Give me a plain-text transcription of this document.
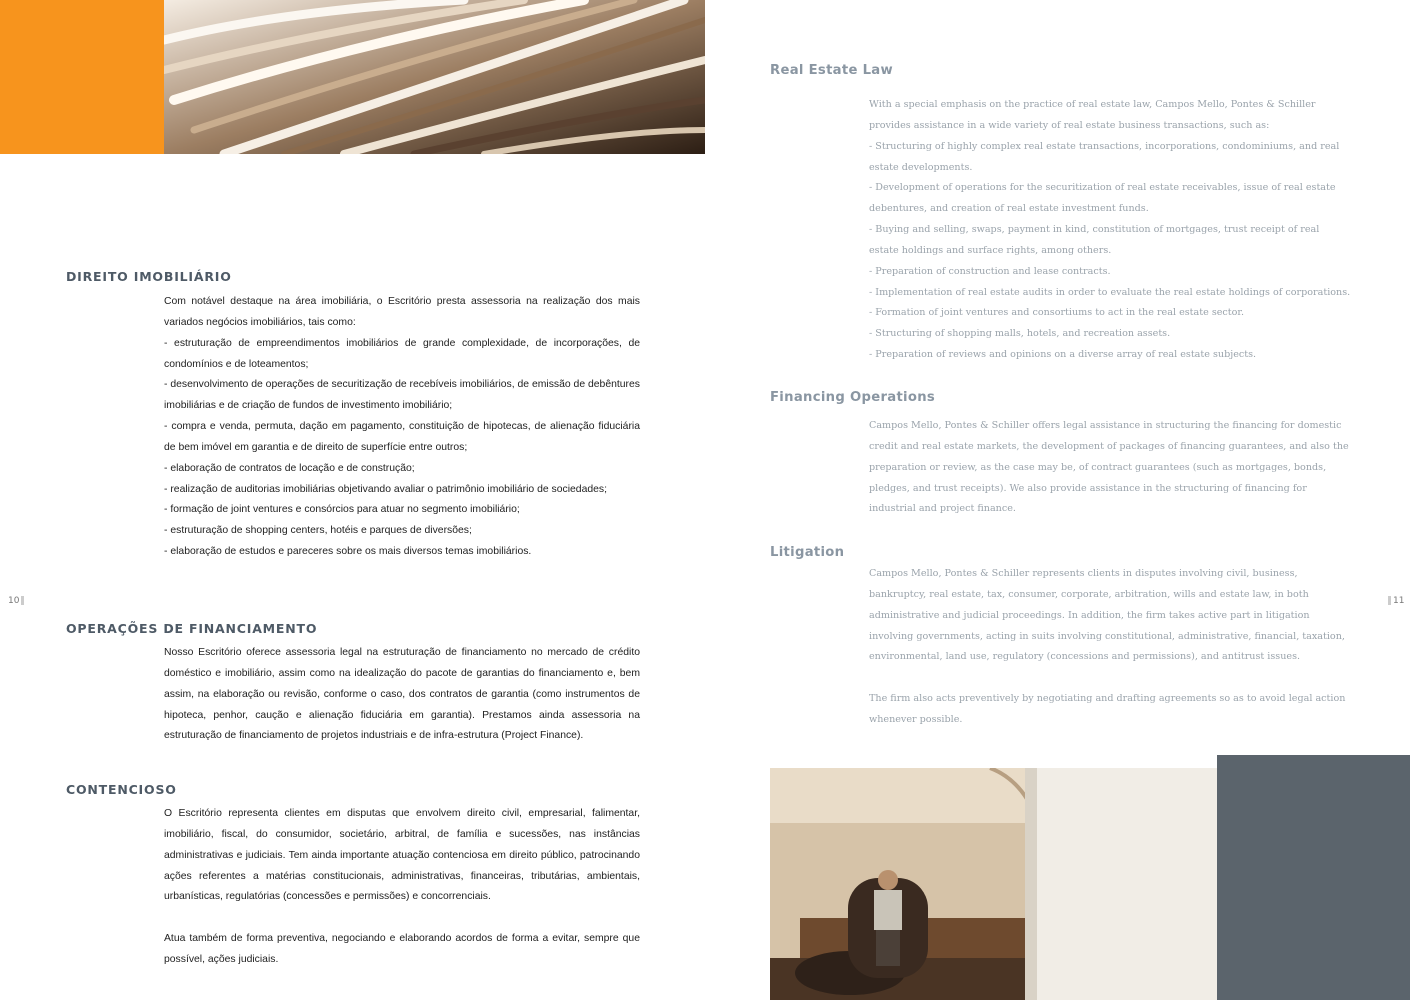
10	11
DIREITO IMOBILIÁRIO

Com notável destaque na área imobiliária, o Escritório presta assessoria na realização dos mais variados negócios imobiliários, tais como:

- estruturação de empreendimentos imobiliários de grande complexidade, de incorporações, de condomínios e de loteamentos;

- desenvolvimento de operações de securitização de recebíveis imobiliários, de emissão de debêntures imobiliárias e de criação de fundos de investimento imobiliário;

- compra e venda, permuta, dação em pagamento, constituição de hipotecas, de alienação fiduciária de bem imóvel em garantia e de direito de superfície entre outros;

- elaboração de contratos de locação e de construção;

- realização de auditorias imobiliárias objetivando avaliar o patrimônio imobiliário de sociedades;

- formação de joint ventures e consórcios para atuar no segmento imobiliário;

- estruturação de shopping centers, hotéis e parques de diversões;

- elaboração de estudos e pareceres sobre os mais diversos temas imobiliários.

OPERAÇÕES DE FINANCIAMENTO

Nosso Escritório oferece assessoria legal na estruturação de financiamento no mercado de crédito doméstico e imobiliário, assim como na idealização do pacote de garantias do financiamento e, bem assim, na elaboração ou revisão, conforme o caso, dos contratos de garantia (como instrumentos de hipoteca, penhor, caução e alienação fiduciária em garantia). Prestamos ainda assessoria na estruturação de financiamento de projetos industriais e de infra-estrutura (Project Finance).

CONTENCIOSO

O Escritório representa clientes em disputas que envolvem direito civil, empresarial, falimentar, imobiliário, fiscal, do consumidor, societário, arbitral, de família e sucessões, nas instâncias administrativas e judiciais. Tem ainda importante atuação contenciosa em direito público, patrocinando ações referentes a matérias constitucionais, administrativas, financeiras, tributárias, ambientais, urbanísticas, regulatórias (concessões e permissões) e concorrenciais.

Atua também de forma preventiva, negociando e elaborando acordos de forma a evitar, sempre que possível, ações judiciais.

Real Estate Law

With a special emphasis on the practice of real estate law, Campos Mello, Pontes & Schiller provides assistance in a wide variety of real estate business transactions, such as:

- Structuring of highly complex real estate transactions, incorporations, condominiums, and real estate developments.

- Development of operations for the securitization of real estate receivables, issue of real estate debentures, and creation of real estate investment funds.

- Buying and selling, swaps, payment in kind, constitution of mortgages, trust receipt of real estate holdings and surface rights, among others.

- Preparation of construction and lease contracts.

- Implementation of real estate audits in order to evaluate the real estate holdings of corporations.

- Formation of joint ventures and consortiums to act in the real estate sector.

- Structuring of shopping malls, hotels, and recreation assets.

- Preparation of reviews and opinions on a diverse array of real estate subjects.

Financing Operations

Campos Mello, Pontes & Schiller offers legal assistance in structuring the financing for domestic credit and real estate markets, the development of packages of financing guarantees, and also the preparation or review, as the case may be, of contract guarantees (such as mortgages, bonds, pledges, and trust receipts). We also provide assistance in the structuring of financing for industrial and project finance.

Litigation

Campos Mello, Pontes & Schiller represents clients in disputes involving civil, business, bankruptcy, real estate, tax, consumer, corporate, arbitration, wills and estate law, in both administrative and judicial proceedings. In addition, the firm takes active part in litigation involving governments, acting in suits involving constitutional, administrative, financial, taxation, environmental, land use, regulatory (concessions and permissions), and antitrust issues.

The firm also acts preventively by negotiating and drafting agreements so as to avoid legal action whenever possible.
